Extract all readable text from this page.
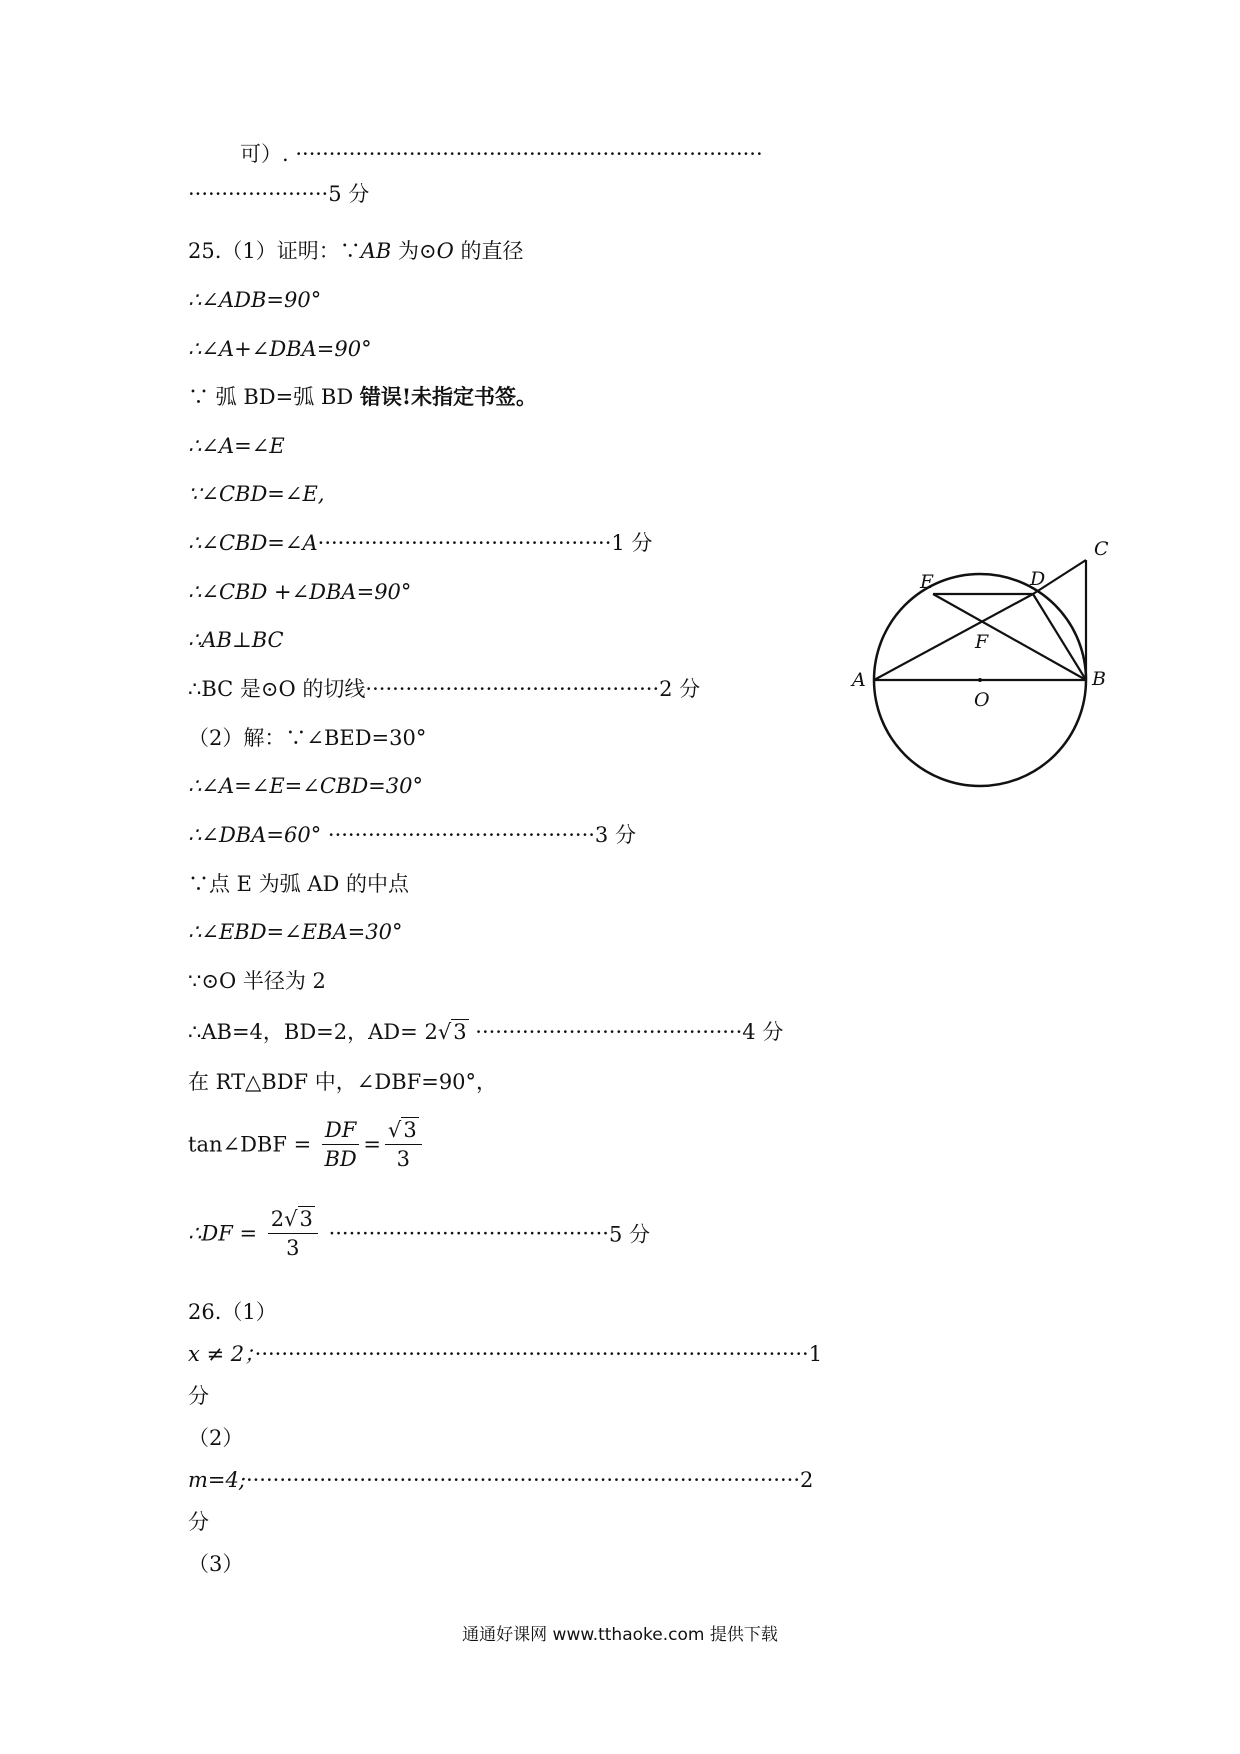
可）. ······································································
·····················5 分
25.（1）证明：∵AB 为⊙O 的直径
∴∠ADB=90°
∴∠A+∠DBA=90°
∵ 弧 BD=弧 BD 错误!未指定书签。
∴∠A=∠E
∵∠CBD=∠E,
∴∠CBD=∠A············································1 分
∴∠CBD +∠DBA=90°
∴AB⊥BC
∴BC 是⊙O 的切线············································2 分
（2）解：∵∠BED=30°
∴∠A=∠E=∠CBD=30°
∴∠DBA=60° ········································3 分
∵点 E 为弧 AD 的中点
∴∠EBD=∠EBA=30°
∵⊙O 半径为 2
∴AB=4，BD=2，AD= 2√3 ········································4 分
在 RT△BDF 中，∠DBF=90°，
tan∠DBF = $\frac{DF}{BD} = \frac{√3}{3}$
∴DF = $\frac{2√3}{3} \cdot\cdot\cdot\cdot\cdot\cdot\cdot\cdot\cdot\cdot\cdot\cdot\cdot\cdot\cdot\cdot\cdot\cdot\cdot\cdot\cdot\cdot\cdot\cdot\cdot\cdot\cdot\cdot\cdot\cdot\cdot\cdot\cdot\cdot\cdot\cdot\cdot\cdot\cdot\cdot\cdot\cdot 5$ 分
26.（1）
x ≠ 2；···················································································1
分
（2）
m=4;···················································································2
分
（3）
A	B
C
D
E
F
O
通通好课网 www.tthaoke.com 提供下载
